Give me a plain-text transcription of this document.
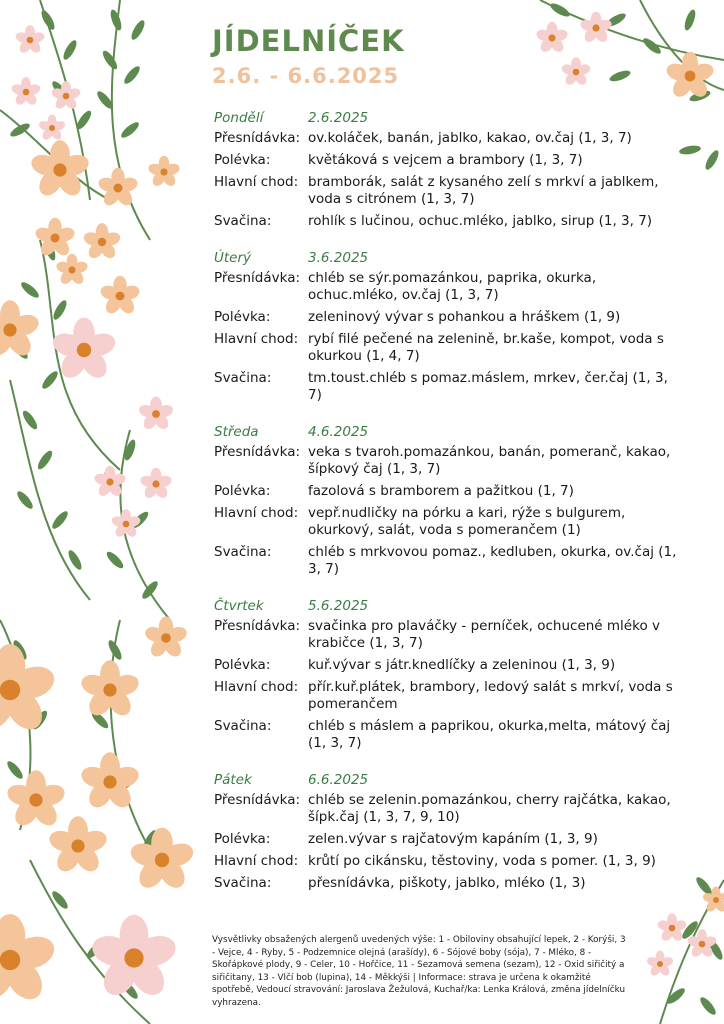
JÍDELNÍČEK
2.6. - 6.6.2025
Pondělí	2.6.2025
Přesnídávka: ov.koláček, banán, jablko, kakao, ov.čaj (1, 3, 7)
Polévka:	květáková s vejcem a brambory (1, 3, 7)
Hlavní chod: bramborák, salát z kysaného zelí s mrkví a jablkem, voda s citrónem (1, 3, 7)
Svačina:	rohlík s lučinou, ochuc.mléko, jablko, sirup (1, 3, 7)
Úterý	3.6.2025
Přesnídávka: chléb se sýr.pomazánkou, paprika, okurka, ochuc.mléko, ov.čaj (1, 3, 7)
Polévka:	zeleninový vývar s pohankou a hráškem (1, 9)
Hlavní chod: rybí filé pečené na zelenině, br.kaše, kompot, voda s okurkou (1, 4, 7)
Svačina:	tm.toust.chléb s pomaz.máslem, mrkev, čer.čaj (1, 3, 7)
Středa	4.6.2025
Přesnídávka: veka s tvaroh.pomazánkou, banán, pomeranč, kakao, šípkový čaj (1, 3, 7)
Polévka:	fazolová s bramborem a pažitkou (1, 7)
Hlavní chod: vepř.nudličky na pórku a kari, rýže s bulgurem, okurkový, salát, voda s pomerančem (1)
Svačina:	chléb s mrkvovou pomaz., kedluben, okurka, ov.čaj (1, 3, 7)
Čtvrtek	5.6.2025
Přesnídávka: svačinka pro plaváčky - perníček, ochucené mléko v krabičce (1, 3, 7)
Polévka:	kuř.vývar s játr.knedlíčky a zeleninou (1, 3, 9)
Hlavní chod: přír.kuř.plátek, brambory, ledový salát s mrkví, voda s pomerančem
Svačina:	chléb s máslem a paprikou, okurka,melta, mátový čaj (1, 3, 7)
Pátek	6.6.2025
Přesnídávka: chléb se zelenin.pomazánkou, cherry rajčátka, kakao, šípk.čaj (1, 3, 7, 9, 10)
Polévka:	zelen.vývar s rajčatovým kapáním (1, 3, 9)
Hlavní chod: krůtí po cikánsku, těstoviny, voda s pomer. (1, 3, 9)
Svačina:	přesnídávka, piškoty, jablko, mléko (1, 3)
Vysvětlivky obsažených alergenů uvedených výše: 1 - Obiloviny obsahující lepek, 2 - Korýši, 3 - Vejce, 4 - Ryby, 5 - Podzemnice olejná (arašídy), 6 - Sójové boby (sója), 7 - Mléko, 8 - Skořápkové plody, 9 - Celer, 10 - Hořčice, 11 - Sezamová semena (sezam), 12 - Oxid siřičitý a siřičitany, 13 - Vlčí bob (lupina), 14 - Měkkýši | Informace: strava je určena k okamžité spotřebě, Vedoucí stravování: Jaroslava Žežulová, Kuchař/ka: Lenka Králová, změna jídelníčku vyhrazena.
